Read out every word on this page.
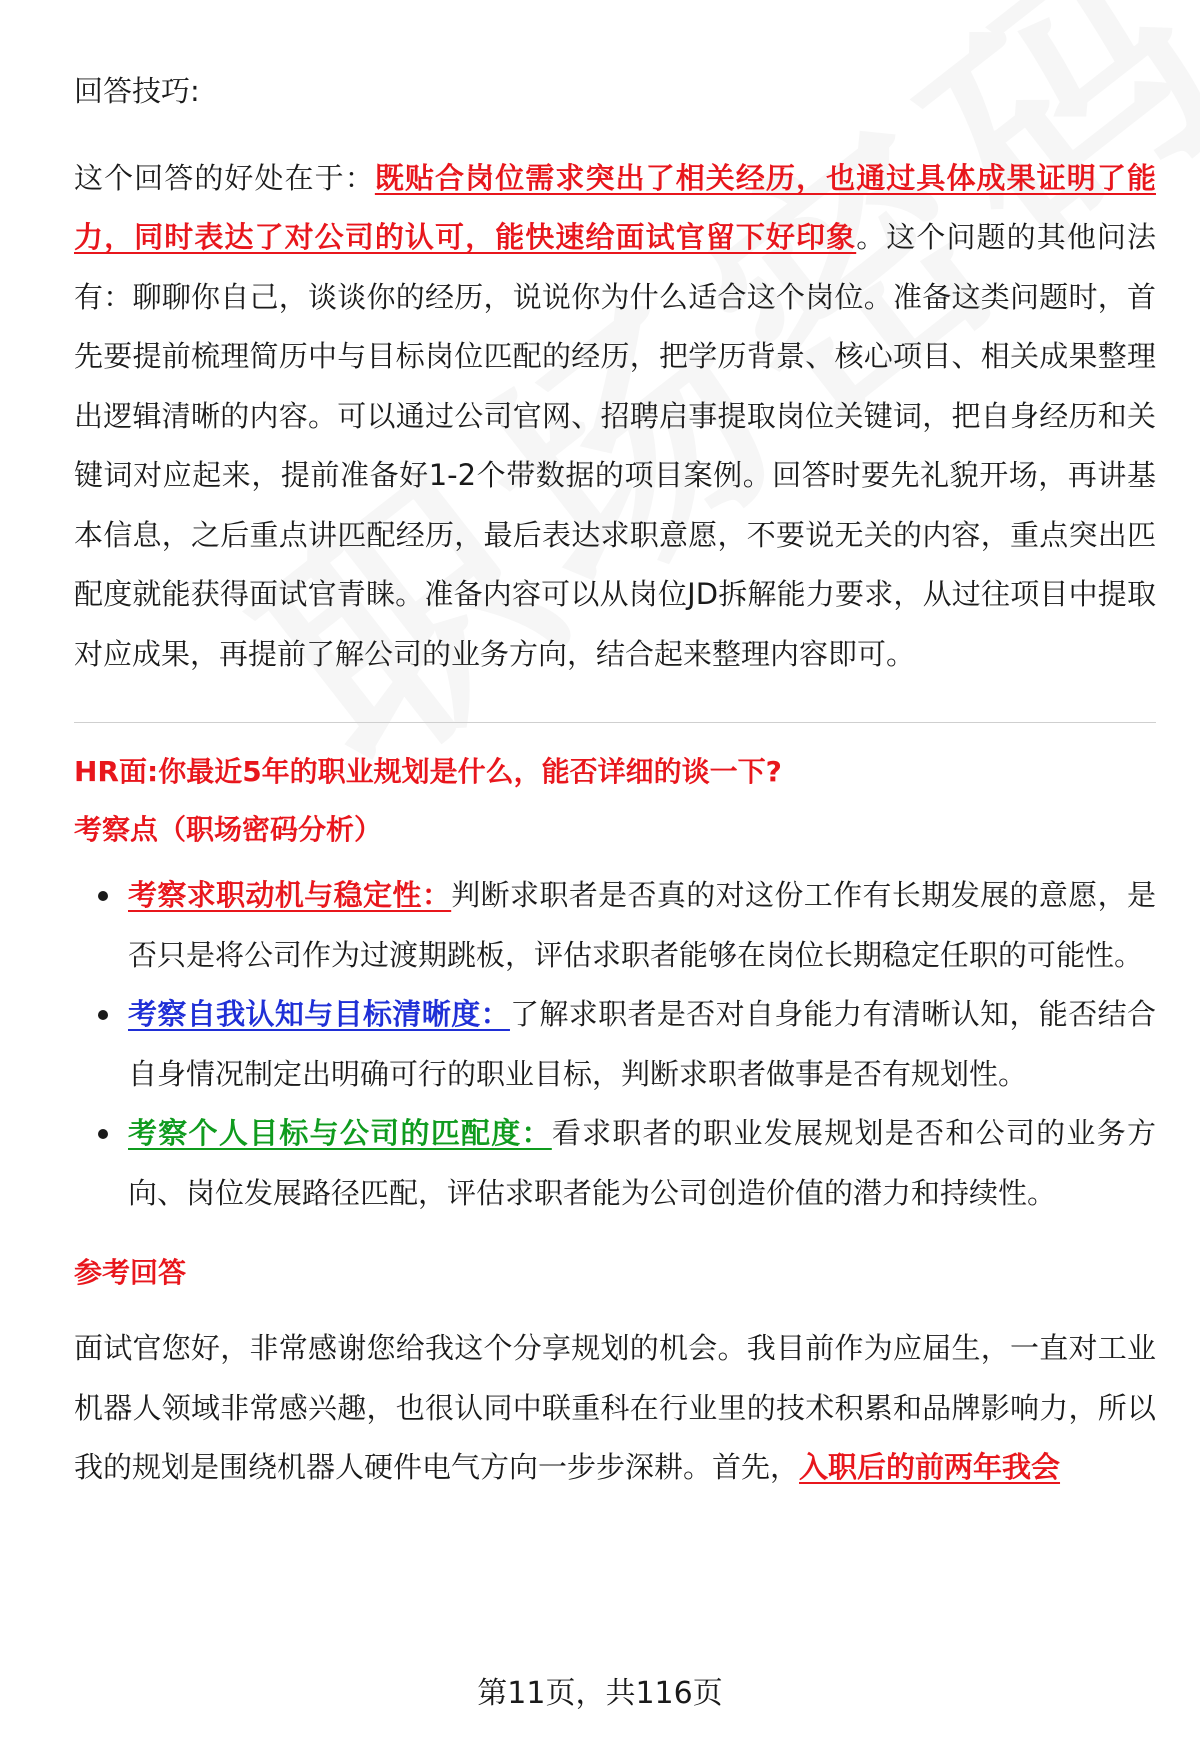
回答技巧:

这个回答的好处在于：既贴合岗位需求突出了相关经历，也通过具体成果证明了能力，同时表达了对公司的认可，能快速给面试官留下好印象。这个问题的其他问法有：聊聊你自己，谈谈你的经历，说说你为什么适合这个岗位。准备这类问题时，首先要提前梳理简历中与目标岗位匹配的经历，把学历背景、核心项目、相关成果整理出逻辑清晰的内容。可以通过公司官网、招聘启事提取岗位关键词，把自身经历和关键词对应起来，提前准备好1-2个带数据的项目案例。回答时要先礼貌开场，再讲基本信息，之后重点讲匹配经历，最后表达求职意愿，不要说无关的内容，重点突出匹配度就能获得面试官青睐。准备内容可以从岗位JD拆解能力要求，从过往项目中提取对应成果，再提前了解公司的业务方向，结合起来整理内容即可。

HR面:你最近5年的职业规划是什么，能否详细的谈一下?

考察点（职场密码分析）

考察求职动机与稳定性：判断求职者是否真的对这份工作有长期发展的意愿，是否只是将公司作为过渡期跳板，评估求职者能够在岗位长期稳定任职的可能性。
考察自我认知与目标清晰度：了解求职者是否对自身能力有清晰认知，能否结合自身情况制定出明确可行的职业目标，判断求职者做事是否有规划性。
考察个人目标与公司的匹配度：看求职者的职业发展规划是否和公司的业务方向、岗位发展路径匹配，评估求职者能为公司创造价值的潜力和持续性。

参考回答

面试官您好，非常感谢您给我这个分享规划的机会。我目前作为应届生，一直对工业机器人领域非常感兴趣，也很认同中联重科在行业里的技术积累和品牌影响力，所以我的规划是围绕机器人硬件电气方向一步步深耕。首先，入职后的前两年我会

第11页，共116页
